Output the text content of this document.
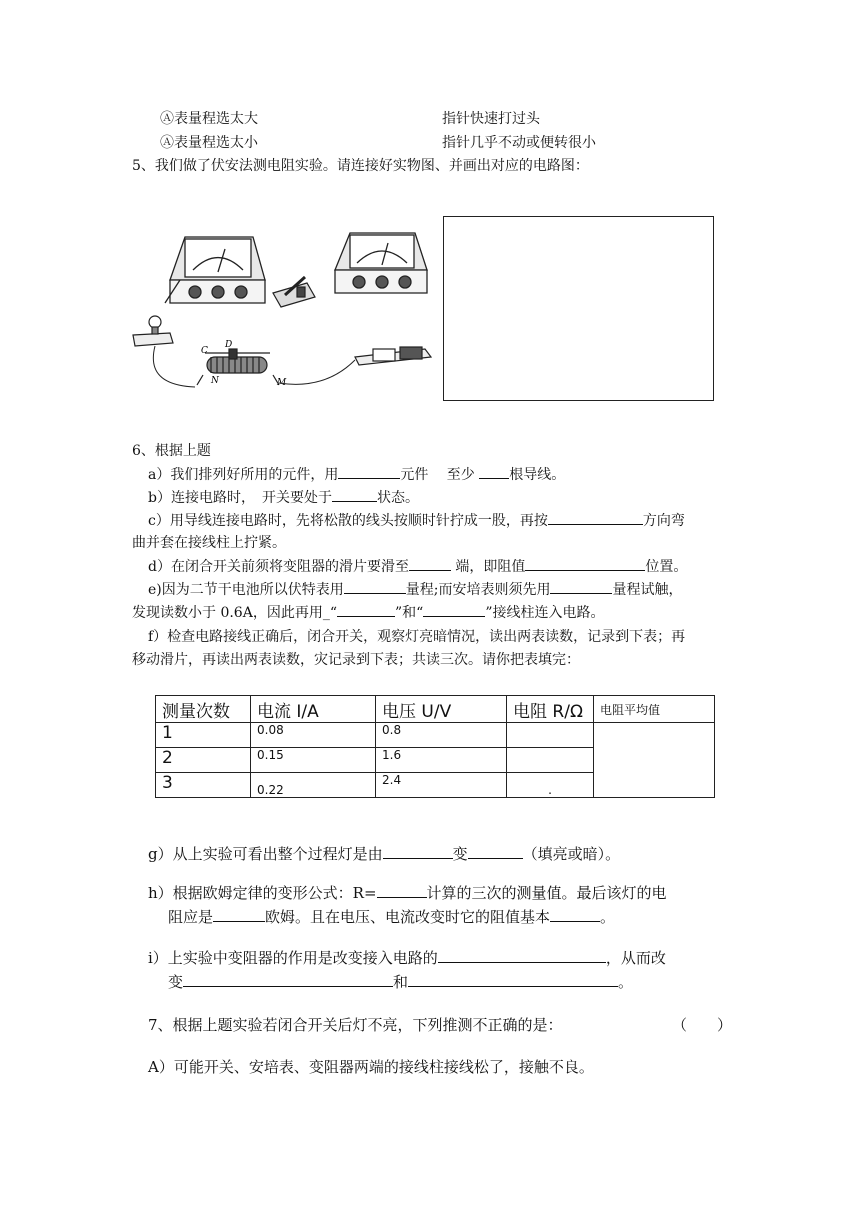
Ⓐ表量程选太大	指针快速打过头
Ⓐ表量程选太小	指针几乎不动或便转很小
5、我们做了伏安法测电阻实验。请连接好实物图、并画出对应的电路图：
C
D
N	M
6、根据上题
a）我们排列好所用的元件，用	元件　 至少 根导线。
b）连接电路时，　开关要处于	状态。
c）用导线连接电路时，先将松散的线头按顺时针拧成一股，再按	方向弯
曲并套在接线柱上拧紧。
d）在闭合开关前须将变阻器的滑片要滑至	端，即阻值	位置。
e)因为二节干电池所以伏特表用	量程;而安培表则须先用	量程试触，
发现读数小于 0.6A，因此再用_“	”和“	”接线柱连入电路。
f）检查电路接线正确后，闭合开关，观察灯亮暗情况，读出两表读数，记录到下表；再
移动滑片，再读出两表读数，灾记录到下表；共读三次。请你把表填完：
测量次数	电流 I/A	电压 U/V	电阻 R/Ω	电阻平均值
1	0.08	0.8		
2	0.15	1.6		
3	0.22	2.4	.	
g）从上实验可看出整个过程灯是由	变	（填亮或暗）。
h）根据欧姆定律的变形公式：R=	计算的三次的测量值。最后该灯的电
阻应是	欧姆。且在电压、电流改变时它的阻值基本	。
i）上实验中变阻器的作用是改变接入电路的	，从而改
变	和	。
7、根据上题实验若闭合开关后灯不亮，下列推测不正确的是：	（　　）
A）可能开关、安培表、变阻器两端的接线柱接线松了，接触不良。
